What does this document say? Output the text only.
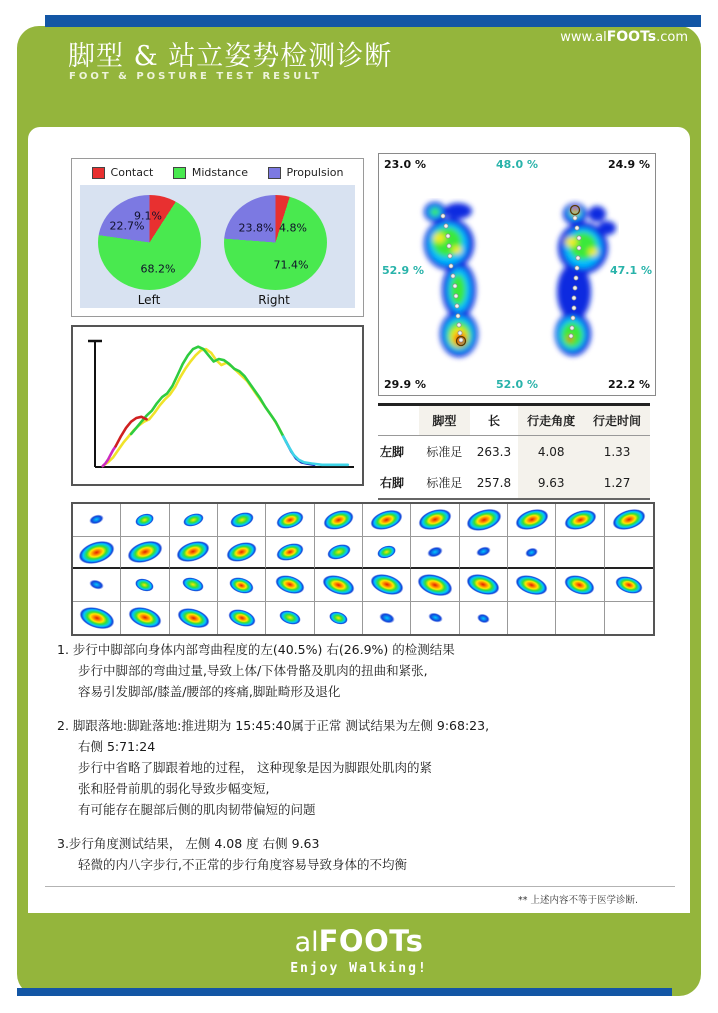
www.alFOOTs.com
脚型 & 站立姿势检测诊断
FOOT & POSTURE TEST RESULT
Contact	Midstance	Propulsion
9.1%
22.7%
68.2%
Left
23.8% 4.8%
71.4%
Right
23.0 %	48.0 %	24.9 %
52.9 %	47.1 %
29.9 %	52.0 %	22.2 %
	脚型	长	行走角度	行走时间
左脚	标准足	263.3	4.08	1.33
右脚	标准足	257.8	9.63	1.27
1. 步行中脚部向身体内部弯曲程度的左(40.5%) 右(26.9%) 的检测结果
步行中脚部的弯曲过量,导致上体/下体骨骼及肌肉的扭曲和紧张,
容易引发脚部/膝盖/腰部的疼痛,脚趾畸形及退化
2. 脚跟落地:脚趾落地:推进期为 15:45:40属于正常 测试结果为左侧 9:68:23,
右侧 5:71:24
步行中省略了脚跟着地的过程， 这种现象是因为脚跟处肌肉的紧
张和胫骨前肌的弱化导致步幅变短,
有可能存在腿部后侧的肌肉韧带偏短的问题
3.步行角度测试结果， 左侧 4.08 度 右侧 9.63
轻微的内八字步行,不正常的步行角度容易导致身体的不均衡
** 上述内容不等于医学诊断.
alFOOTs
Enjoy Walking!
